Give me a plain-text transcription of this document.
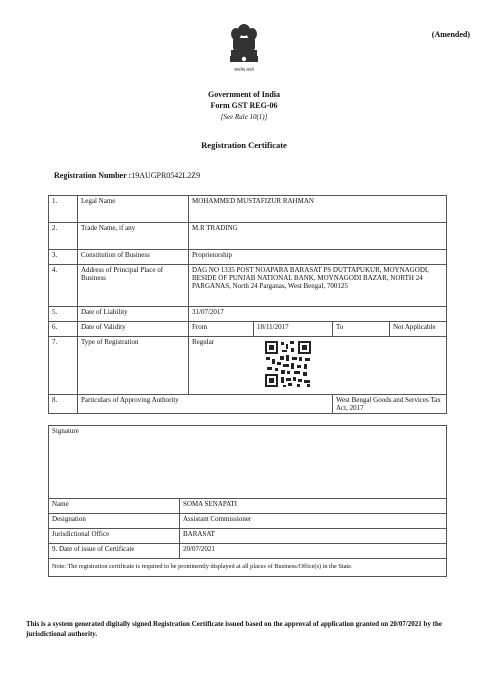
(Amended)
सत्यमेव जयते
Government of India
Form GST REG-06
[See Rule 10(1)]
Registration Certificate
Registration Number :19AUGPR0542L2Z9
1.	Legal Name	MOHAMMED MUSTAFIZUR RAHMAN			
2.	Trade Name, if any	M.R TRADING			
3.	Constitution of Business	Proprietorship			
4.	Address of Principal Place of Business	DAG NO 1335 POST NOAPARA BARASAT PS DUTTAPUKUR, MOYNAGODI, BESIDE OF PUNJAB NATIONAL BANK, MOYNAGODI BAZAR, NORTH 24 PARGANAS, North 24 Parganas, West Bengal, 700125			
5.	Date of Liability	31/07/2017			
6.	Date of Validity	From	18/11/2017	To	Not Applicable
7.	Type of Registration	Regular			
8.	Particulars of Approving Authority			West Bengal Goods and Services Tax Act, 2017	
Signature	
Name	SOMA SENAPATI
Designation	Assistant Commissioner
Jurisdictional Office	BARASAT
9. Date of issue of Certificate	20/07/2021
Note: The registration certificate is required to be prominently displayed at all places of Business/Office(s) in the State.	
This is a system generated digitally signed Registration Certificate issued based on the approval of application granted on 20/07/2021 by the jurisdictional authority.
